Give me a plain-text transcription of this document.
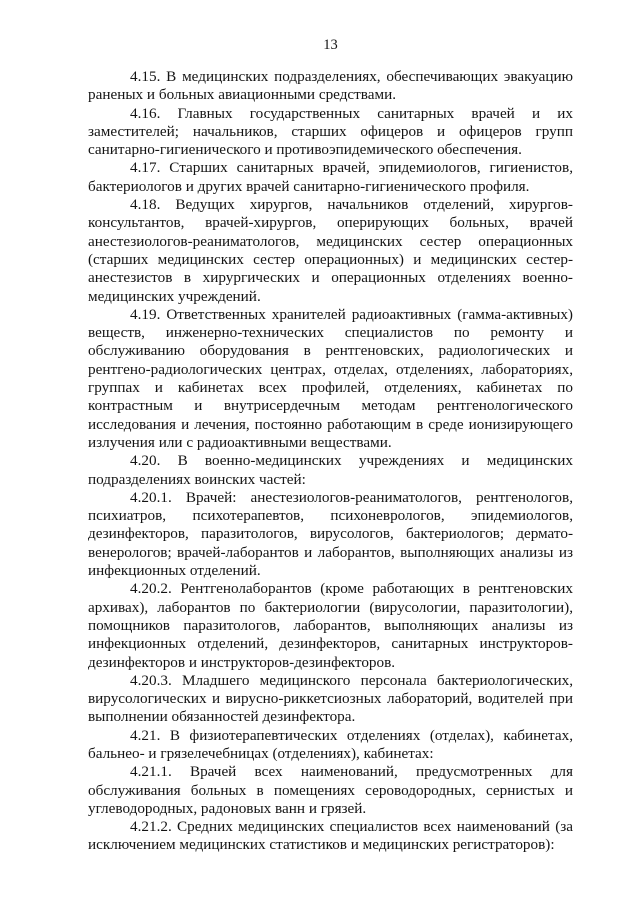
13

4.15. В медицинских подразделениях, обеспечивающих эвакуацию раненых и больных авиационными средствами.

4.16. Главных государственных санитарных врачей и их заместителей; начальников, старших офицеров и офицеров групп санитарно-гигиенического и противоэпидемического обеспечения.

4.17. Старших санитарных врачей, эпидемиологов, гигиенистов, бактериологов и других врачей санитарно-гигиенического профиля.

4.18. Ведущих хирургов, начальников отделений, хирургов-консультантов, врачей-хирургов, оперирующих больных, врачей анестезиологов-реаниматологов, медицинских сестер операционных (старших медицинских сестер операционных) и медицинских сестер-анестезистов в хирургических и операционных отделениях военно-медицинских учреждений.

4.19. Ответственных хранителей радиоактивных (гамма-активных) веществ, инженерно-технических специалистов по ремонту и обслуживанию оборудования в рентгеновских, радиологических и рентгено-радиологических центрах, отделах, отделениях, лабораториях, группах и кабинетах всех профилей, отделениях, кабинетах по контрастным и внутрисердечным методам рентгенологического исследования и лечения, постоянно работающим в среде ионизирующего излучения или с радиоактивными веществами.

4.20. В военно-медицинских учреждениях и медицинских подразделениях воинских частей:

4.20.1. Врачей: анестезиологов-реаниматологов, рентгенологов, психиатров, психотерапевтов, психоневрологов, эпидемиологов, дезинфекторов, паразитологов, вирусологов, бактериологов; дермато-венерологов; врачей-лаборантов и лаборантов, выполняющих анализы из инфекционных отделений.

4.20.2. Рентгенолаборантов (кроме работающих в рентгеновских архивах), лаборантов по бактериологии (вирусологии, паразитологии), помощников паразитологов, лаборантов, выполняющих анализы из инфекционных отделений, дезинфекторов, санитарных инструкторов-дезинфекторов и инструкторов-дезинфекторов.

4.20.3. Младшего медицинского персонала бактериологических, вирусологических и вирусно-риккетсиозных лабораторий, водителей при выполнении обязанностей дезинфектора.

4.21. В физиотерапевтических отделениях (отделах), кабинетах, бальнео- и грязелечебницах (отделениях), кабинетах:

4.21.1. Врачей всех наименований, предусмотренных для обслуживания больных в помещениях сероводородных, сернистых и углеводородных, радоновых ванн и грязей.

4.21.2. Средних медицинских специалистов всех наименований (за исключением медицинских статистиков и медицинских регистраторов):
